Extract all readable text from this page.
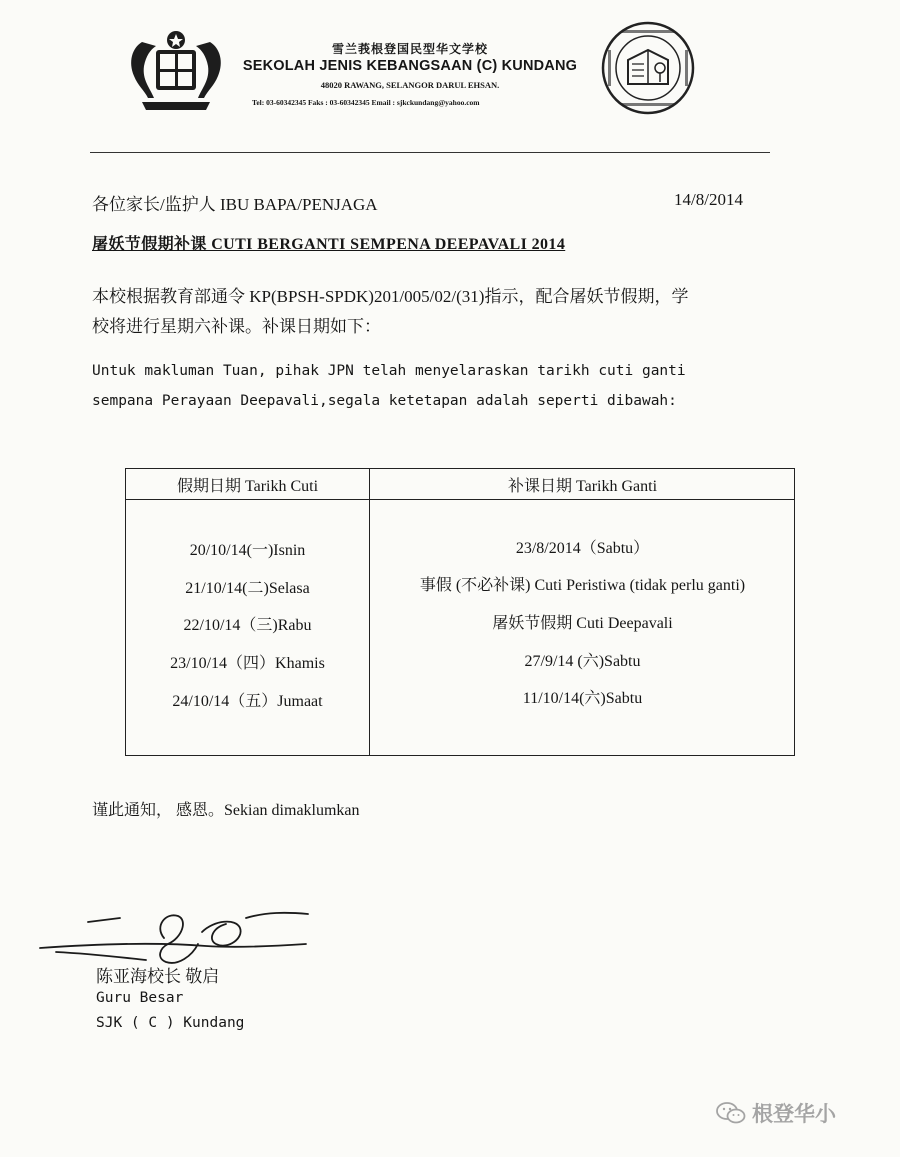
雪兰莪根登国民型华文学校
SEKOLAH JENIS KEBANGSAAN (C) KUNDANG
48020 RAWANG, SELANGOR DARUL EHSAN.
Tel: 03-60342345 Faks : 03-60342345 Email : sjkckundang@yahoo.com
各位家长/监护人 IBU BAPA/PENJAGA	14/8/2014
屠妖节假期补课 CUTI BERGANTI SEMPENA DEEPAVALI 2014
本校根据教育部通令 KP(BPSH-SPDK)201/005/02/(31)指示，配合屠妖节假期，学
校将进行星期六补课。补课日期如下：
Untuk makluman Tuan, pihak JPN telah menyelaraskan tarikh cuti ganti
sempana Perayaan Deepavali,segala ketetapan adalah seperti dibawah:
假期日期 Tarikh Cuti	补课日期 Tarikh Ganti
20/10/14(一)Isnin	23/8/2014（Sabtu）
21/10/14(二)Selasa	事假 (不必补课) Cuti Peristiwa (tidak perlu ganti)
22/10/14（三)Rabu	屠妖节假期 Cuti Deepavali
23/10/14（四）Khamis	27/9/14 (六)Sabtu
24/10/14（五）Jumaat	11/10/14(六)Sabtu
谨此通知， 感恩。Sekian dimaklumkan
陈亚海校长 敬启
Guru Besar
SJK ( C ) Kundang
根登华小
